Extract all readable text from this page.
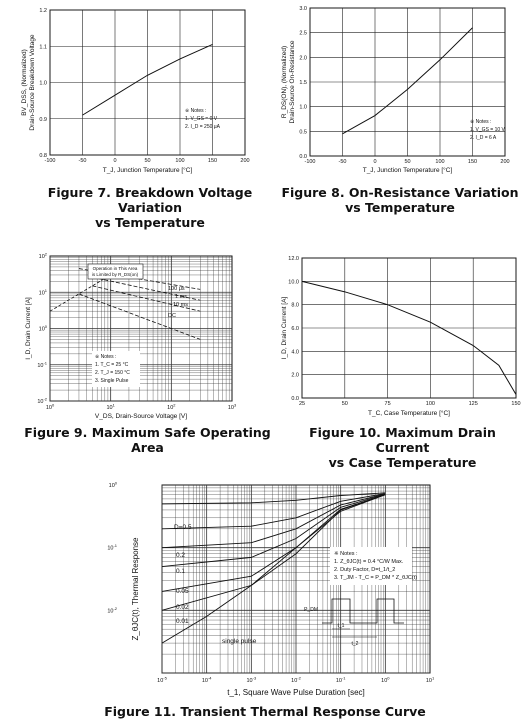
-100	-50	0	50	100	150	200
0.8
0.9
1.0
1.1
1.2
T_J, Junction Temperature [°C]
BV_DSS, (Normalized) Drain-Source Breakdown Voltage	※ Notes :
1. V_GS = 0 V
2. I_D = 250 μA
-100	-50	0	50	100	150	200
0.0
0.5
1.0
1.5
2.0
2.5
3.0
T_J, Junction Temperature [°C]
R_DS(ON), (Normalized) Drain-Source On-Resistance	※ Notes :
1. V_GS = 10 V
2. I_D = 6 A
25	50	75	100	125	150
0.0
2.0
4.0
6.0
8.0
10.0
12.0
T_C, Case Temperature [°C]
I_D, Drain Current [A]
$10^0$	$10^1$	$10^2$	$10^3$
$10^{-2}$
$10^{-1}$
$10^0$
$10^1$
$10^2$
Operation in This Area
is Limited by R_DS(on)
100 μs
1 ms
10 ms
DC
※ Notes :
1. T_C = 25 °C
2. T_J = 150 °C
3. Single Pulse
V_DS, Drain-Source Voltage [V]
I_D, Drain Current [A]
$10^{-5}$	$10^{-4}$	$10^{-3}$	$10^{-2}$	$10^{-1}$	$10^0$	$10^1$
$10^{-2}$
$10^{-1}$
$10^0$
D=0.5
0.2
0.1
0.05
0.02
0.01
single pulse
※ Notes :
1. Z_θJC(t) = 0.4 °C/W Max.
2. Duty Factor, D=t_1/t_2
3. T_JM - T_C = P_DM * Z_θJC(t)
P_DM
t_1
t_2
t_1, Square Wave Pulse Duration [sec]
Z_θJC(t), Thermal Response
Figure 7. Breakdown Voltage Variation
vs Temperature
Figure 8. On-Resistance Variation
vs Temperature
Figure 9. Maximum Safe Operating Area
Figure 10. Maximum Drain Current
vs Case Temperature
Figure 11. Transient Thermal Response Curve
